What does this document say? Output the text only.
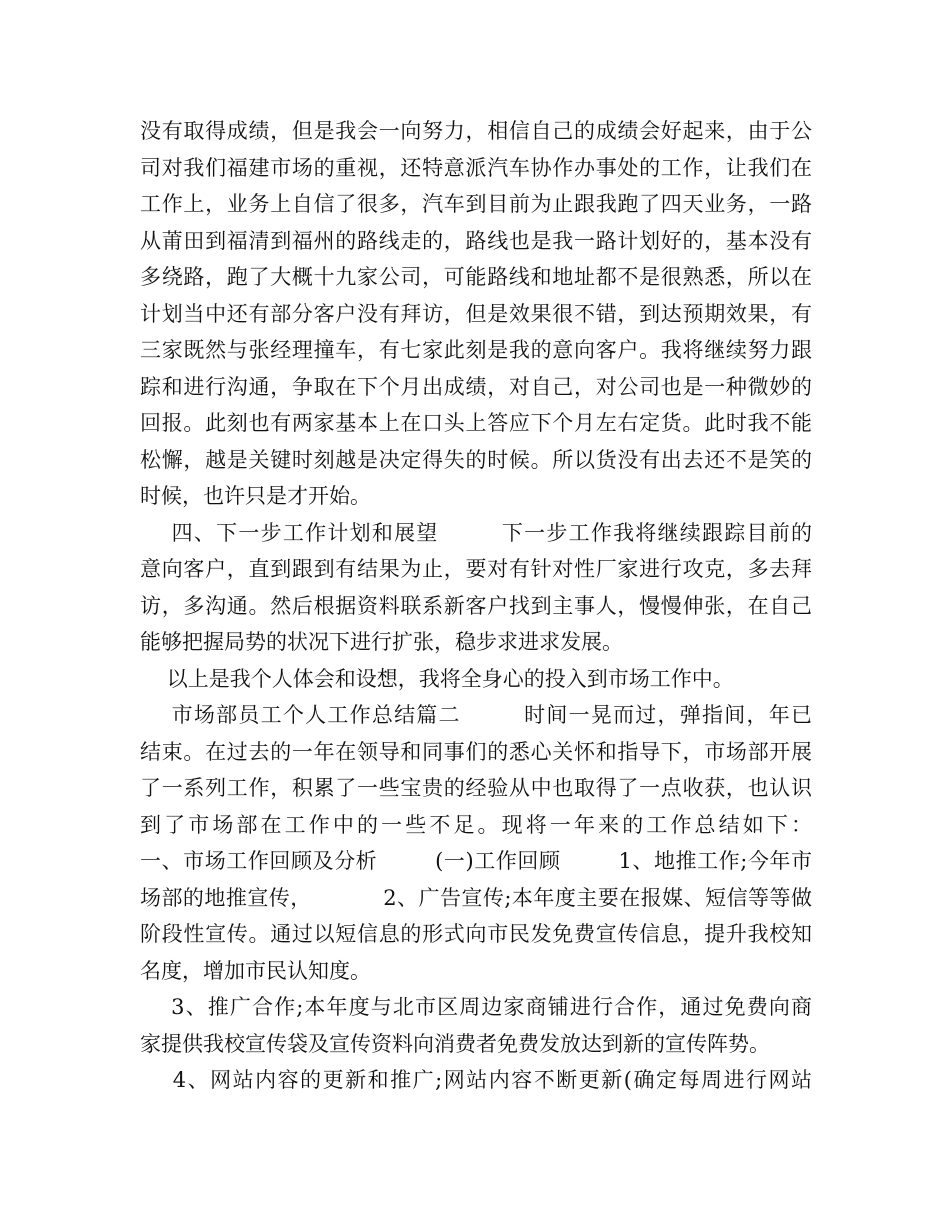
没有取得成绩，但是我会一向努力，相信自己的成绩会好起来，由于公
司对我们福建市场的重视，还特意派汽车协作办事处的工作，让我们在
工作上，业务上自信了很多，汽车到目前为止跟我跑了四天业务，一路
从莆田到福清到福州的路线走的，路线也是我一路计划好的，基本没有
多绕路，跑了大概十九家公司，可能路线和地址都不是很熟悉，所以在
计划当中还有部分客户没有拜访，但是效果很不错，到达预期效果，有
三家既然与张经理撞车，有七家此刻是我的意向客户。我将继续努力跟
踪和进行沟通，争取在下个月出成绩，对自己，对公司也是一种微妙的
回报。此刻也有两家基本上在口头上答应下个月左右定货。此时我不能
松懈，越是关键时刻越是决定得失的时候。所以货没有出去还不是笑的
时候，也许只是才开始。
四、下一步工作计划和展望        下一步工作我将继续跟踪目前的
意向客户，直到跟到有结果为止，要对有针对性厂家进行攻克，多去拜
访，多沟通。然后根据资料联系新客户找到主事人，慢慢伸张，在自己
能够把握局势的状况下进行扩张，稳步求进求发展。
以上是我个人体会和设想，我将全身心的投入到市场工作中。
市场部员工个人工作总结篇二        时间一晃而过，弹指间，年已
结束。在过去的一年在领导和同事们的悉心关怀和指导下，市场部开展
了一系列工作，积累了一些宝贵的经验从中也取得了一点收获，也认识
到了市场部在工作中的一些不足。现将一年来的工作总结如下：
一、市场工作回顾及分析        (一)工作回顾        1、地推工作;今年市
场部的地推宣传，          2、广告宣传;本年度主要在报媒、短信等等做
阶段性宣传。通过以短信息的形式向市民发免费宣传信息，提升我校知
名度，增加市民认知度。
3、推广合作;本年度与北市区周边家商铺进行合作，通过免费向商
家提供我校宣传袋及宣传资料向消费者免费发放达到新的宣传阵势。
4、网站内容的更新和推广;网站内容不断更新(确定每周进行网站
